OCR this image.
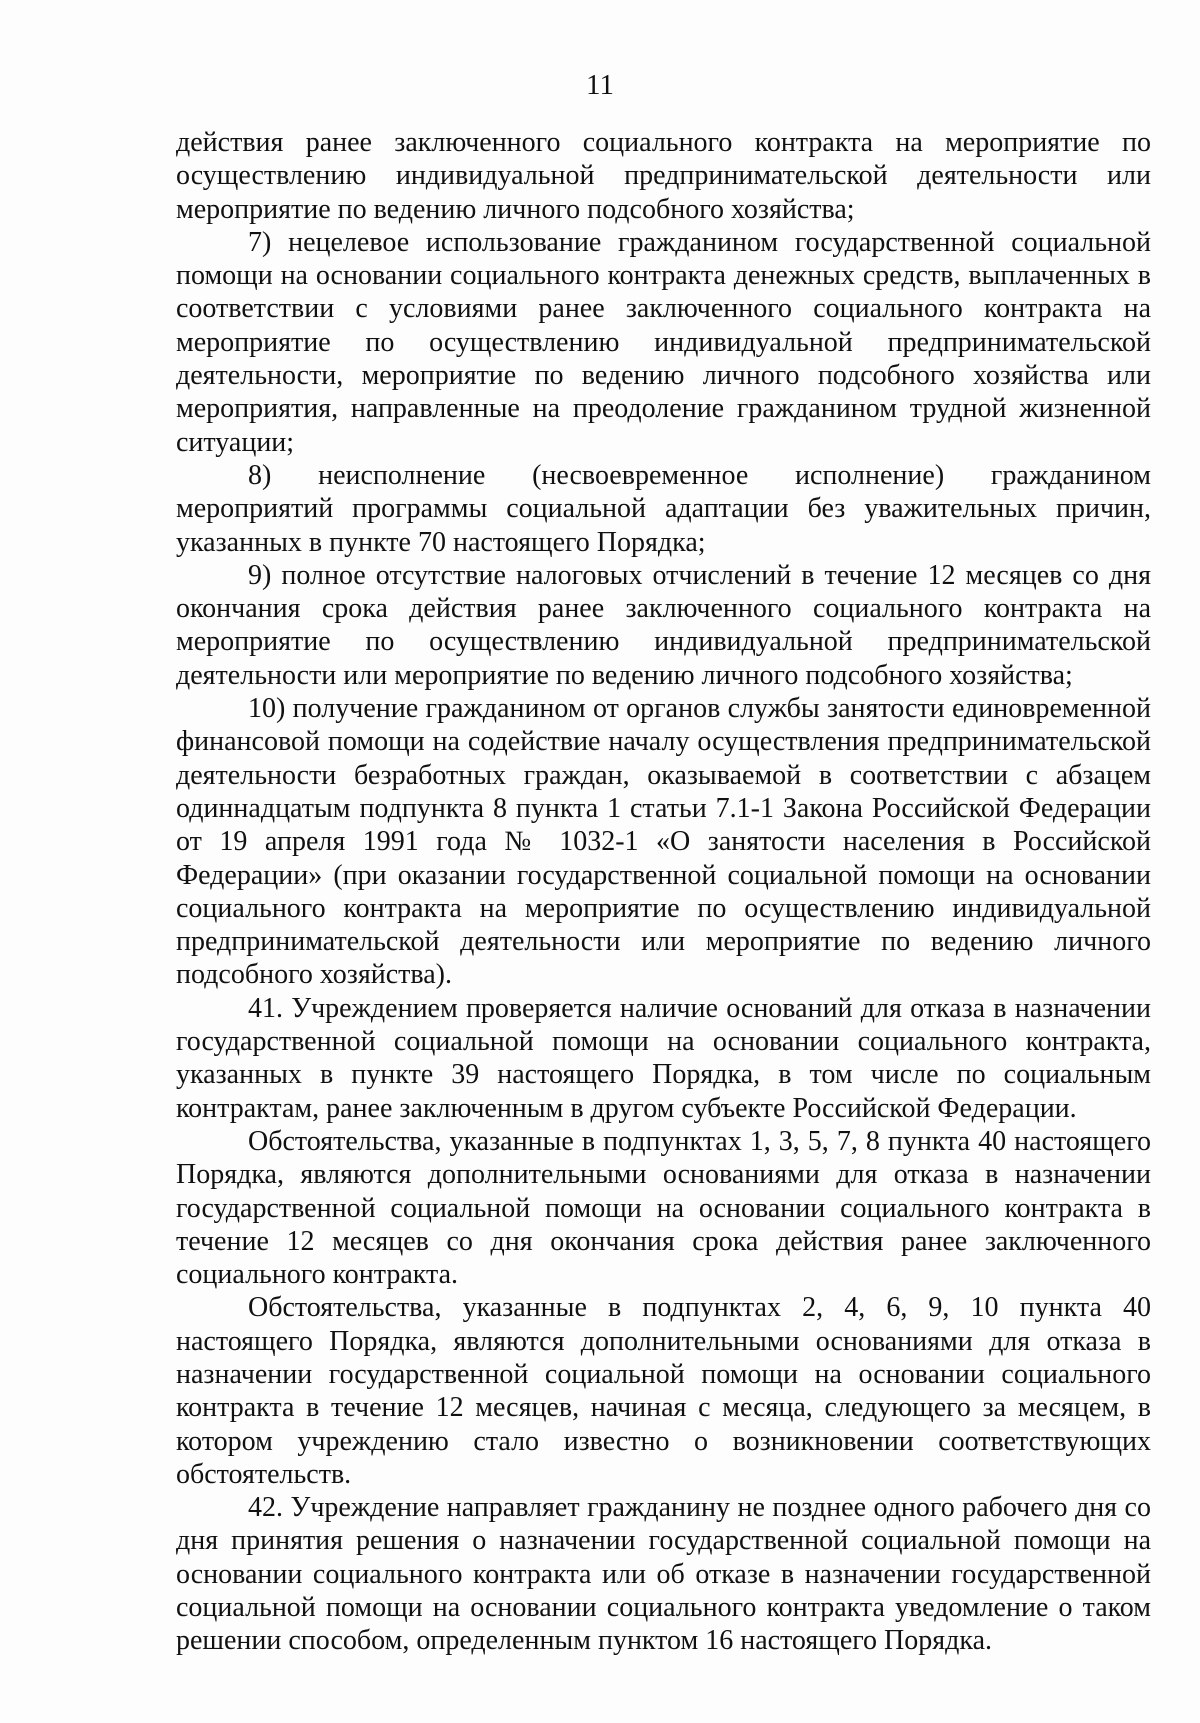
11

действия ранее заключенного социального контракта на мероприятие по осуществлению индивидуальной предпринимательской деятельности или мероприятие по ведению личного подсобного хозяйства;

7) нецелевое использование гражданином государственной социальной помощи на основании социального контракта денежных средств, выплаченных в соответствии с условиями ранее заключенного социального контракта на мероприятие по осуществлению индивидуальной предпринимательской деятельности, мероприятие по ведению личного подсобного хозяйства или мероприятия, направленные на преодоление гражданином трудной жизненной ситуации;

8) неисполнение (несвоевременное исполнение) гражданином мероприятий программы социальной адаптации без уважительных причин, указанных в пункте 70 настоящего Порядка;

9) полное отсутствие налоговых отчислений в течение 12 месяцев со дня окончания срока действия ранее заключенного социального контракта на мероприятие по осуществлению индивидуальной предпринимательской деятельности или мероприятие по ведению личного подсобного хозяйства;

10) получение гражданином от органов службы занятости единовременной финансовой помощи на содействие началу осуществления предпринимательской деятельности безработных граждан, оказываемой в соответствии с абзацем одиннадцатым подпункта 8 пункта 1 статьи 7.1-1 Закона Российской Федерации от 19 апреля 1991 года № 1032-1 «О занятости населения в Российской Федерации» (при оказании государственной социальной помощи на основании социального контракта на мероприятие по осуществлению индивидуальной предпринимательской деятельности или мероприятие по ведению личного подсобного хозяйства).

41. Учреждением проверяется наличие оснований для отказа в назначении государственной социальной помощи на основании социального контракта, указанных в пункте 39 настоящего Порядка, в том числе по социальным контрактам, ранее заключенным в другом субъекте Российской Федерации.

Обстоятельства, указанные в подпунктах 1, 3, 5, 7, 8 пункта 40 настоящего Порядка, являются дополнительными основаниями для отказа в назначении государственной социальной помощи на основании социального контракта в течение 12 месяцев со дня окончания срока действия ранее заключенного социального контракта.

Обстоятельства, указанные в подпунктах 2, 4, 6, 9, 10 пункта 40 настоящего Порядка, являются дополнительными основаниями для отказа в назначении государственной социальной помощи на основании социального контракта в течение 12 месяцев, начиная с месяца, следующего за месяцем, в котором учреждению стало известно о возникновении соответствующих обстоятельств.

42. Учреждение направляет гражданину не позднее одного рабочего дня со дня принятия решения о назначении государственной социальной помощи на основании социального контракта или об отказе в назначении государственной социальной помощи на основании социального контракта уведомление о таком решении способом, определенным пунктом 16 настоящего Порядка.
